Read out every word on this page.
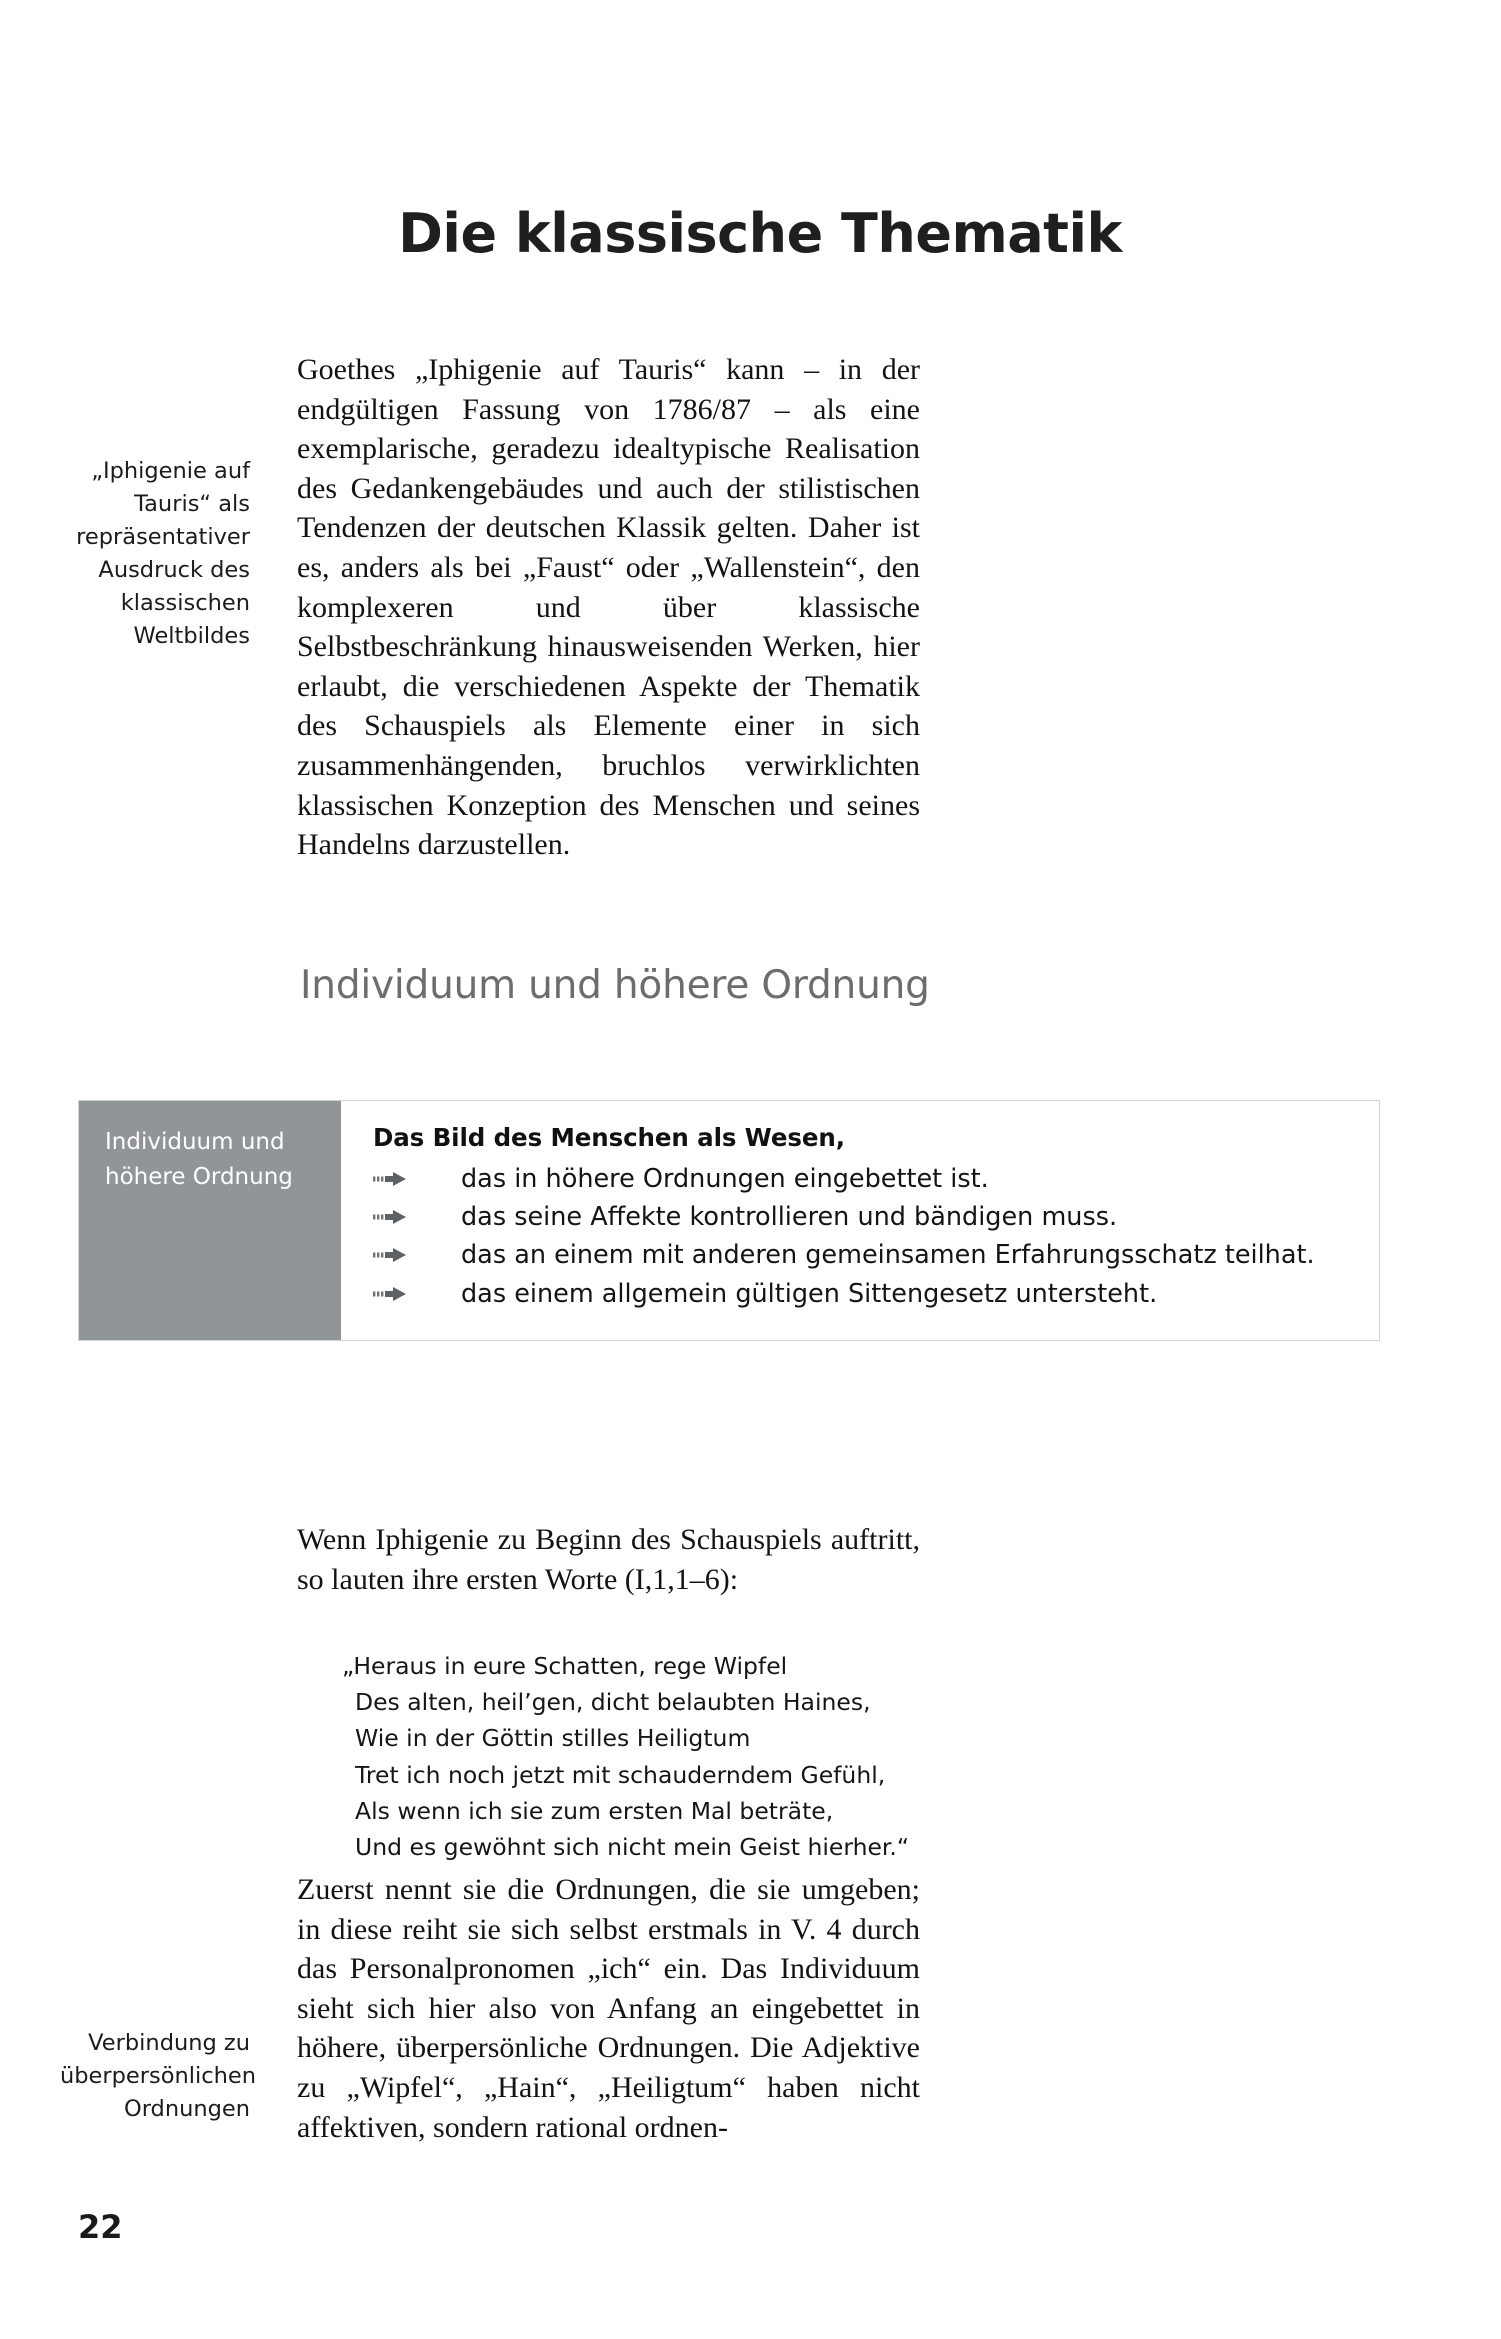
Die klassische Thematik
„Iphigenie auf Tauris“ als repräsentativer Ausdruck des klassischen Weltbildes

Goethes „Iphigenie auf Tauris“ kann – in der endgültigen Fassung von 1786/87 – als eine exemplarische, geradezu idealtypische Realisation des Gedankengebäudes und auch der stilistischen Tendenzen der deutschen Klassik gelten. Daher ist es, anders als bei „Faust“ oder „Wallenstein“, den komplexeren und über klassische Selbstbeschränkung hinausweisenden Werken, hier erlaubt, die verschiedenen Aspekte der Thematik des Schauspiels als Elemente einer in sich zusammenhängenden, bruchlos verwirklichten klassischen Konzeption des Menschen und seines Handelns darzustellen.

Individuum und höhere Ordnung
Individuum und höhere Ordnung
Das Bild des Menschen als Wesen,
das in höhere Ordnungen eingebettet ist.
das seine Affekte kontrollieren und bändigen muss.
das an einem mit anderen gemeinsamen Erfahrungsschatz teilhat.
das einem allgemein gültigen Sittengesetz untersteht.

Wenn Iphigenie zu Beginn des Schauspiels auftritt, so lauten ihre ersten Worte (I,1,1–6):

„Heraus in eure Schatten, rege Wipfel
Des alten, heil’gen, dicht belaubten Haines,
Wie in der Göttin stilles Heiligtum
Tret ich noch jetzt mit schauderndem Gefühl,
Als wenn ich sie zum ersten Mal beträte,
Und es gewöhnt sich nicht mein Geist hierher.“
Verbindung zu überpersönlichen Ordnungen

Zuerst nennt sie die Ordnungen, die sie umgeben; in diese reiht sie sich selbst erstmals in V. 4 durch das Personalpronomen „ich“ ein. Das Individuum sieht sich hier also von Anfang an eingebettet in höhere, überpersönliche Ordnungen. Die Adjektive zu „Wipfel“, „Hain“, „Heiligtum“ haben nicht affektiven, sondern rational ordnen-

22
